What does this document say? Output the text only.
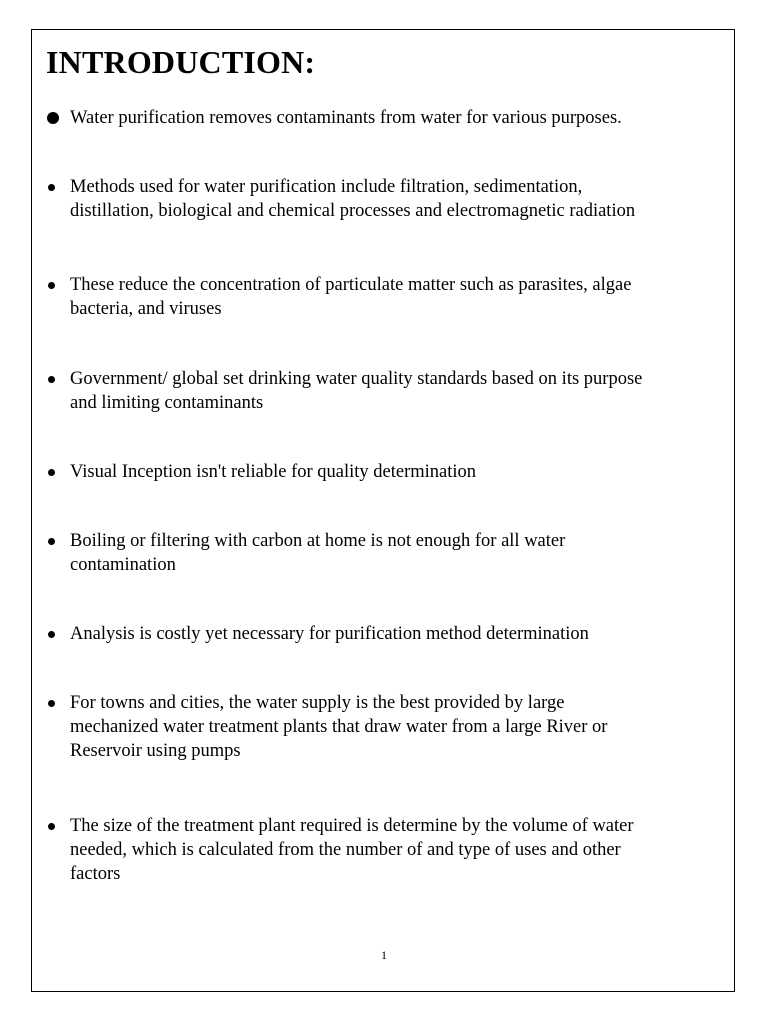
INTRODUCTION:
Water purification removes contaminants from water for various purposes.
Methods used for water purification include filtration, sedimentation,
distillation, biological and chemical processes and electromagnetic radiation
These reduce the concentration of particulate matter such as parasites, algae
bacteria, and viruses
Government/ global set drinking water quality standards based on its purpose
and limiting contaminants
Visual Inception isn't reliable for quality determination
Boiling or filtering with carbon at home is not enough for all water
contamination
Analysis is costly yet necessary for purification method determination
For towns and cities, the water supply is the best provided by large
mechanized water treatment plants that draw water from a large River or
Reservoir using pumps
The size of the treatment plant required is determine by the volume of water
needed, which is calculated from the number of and type of uses and other
factors
1
